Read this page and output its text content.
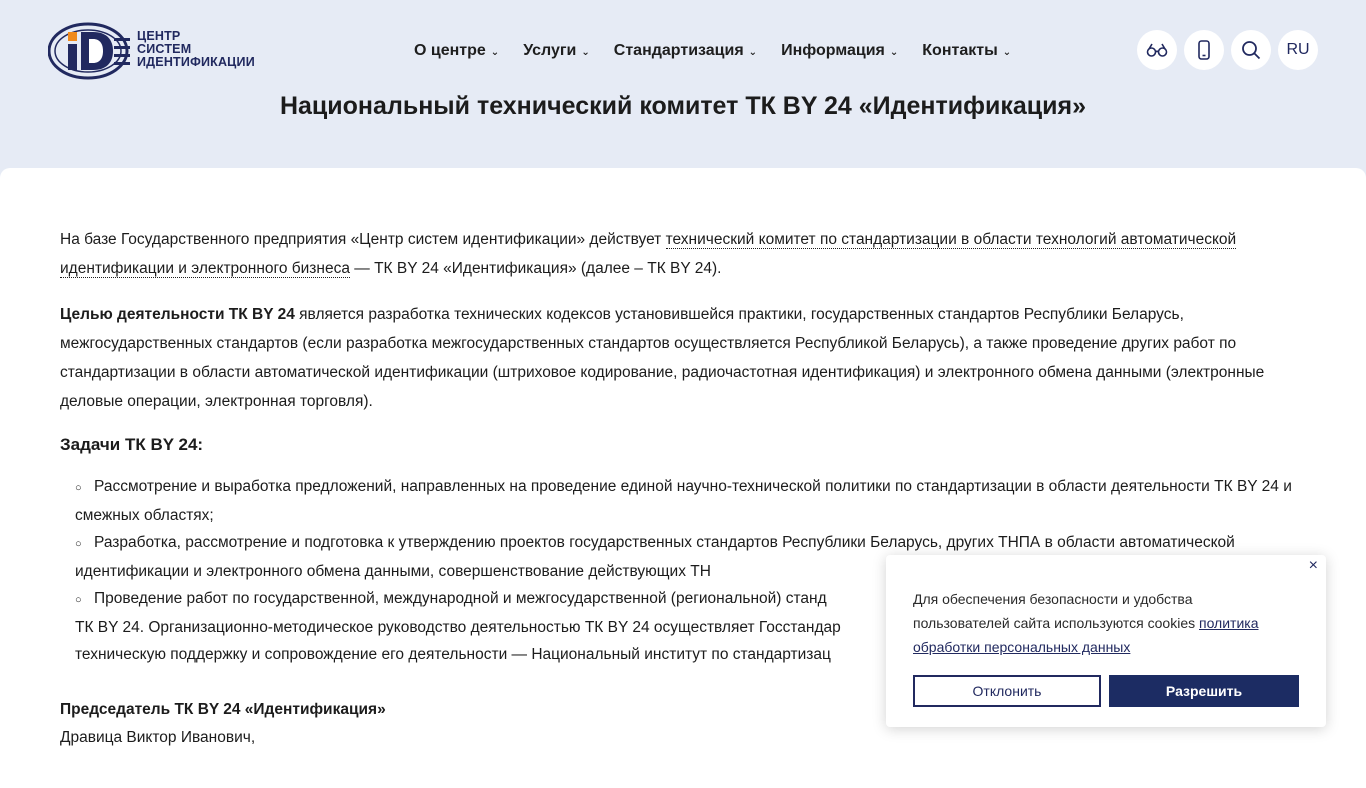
ЦЕНТР
СИСТЕМ
ИДЕНТИФИКАЦИИ
О центре ⌄ Услуги ⌄ Стандартизация ⌄ Информация ⌄ Контакты ⌄	RU
Национальный технический комитет ТК BY 24 «Идентификация»

На базе Государственного предприятия «Центр систем идентификации» действует технический комитет по стандартизации в области технологий автоматической идентификации и электронного бизнеса — ТК BY 24 «Идентификация» (далее – ТК BY 24).

Целью деятельности ТК BY 24 является разработка технических кодексов установившейся практики, государственных стандартов Республики Беларусь, межгосударственных стандартов (если разработка межгосударственных стандартов осуществляется Республикой Беларусь), а также проведение других работ по стандартизации в области автоматической идентификации (штриховое кодирование, радиочастотная идентификация) и электронного обмена данными (электронные деловые операции, электронная торговля).

Задачи ТК BY 24:
○ Рассмотрение и выработка предложений, направленных на проведение единой научно-технической политики по стандартизации в области деятельности ТК BY 24 и смежных областях;
○ Разработка, рассмотрение и подготовка к утверждению проектов государственных стандартов Республики Беларусь, других ТНПА в области автоматической идентификации и электронного обмена данными, совершенствование действующих ТН
○ Проведение работ по государственной, международной и межгосударственной (региональной) станд
ТК BY 24. Организационно-методическое руководство деятельностью ТК BY 24 осуществляет Госстандар
техническую поддержку и сопровождение его деятельности — Национальный институт по стандартизац
Председатель ТК BY 24 «Идентификация»
Дравица Виктор Иванович,
×
Для обеспечения безопасности и удобства пользователей сайта используются cookies политика обработки персональных данных
Отклонить	Разрешить
